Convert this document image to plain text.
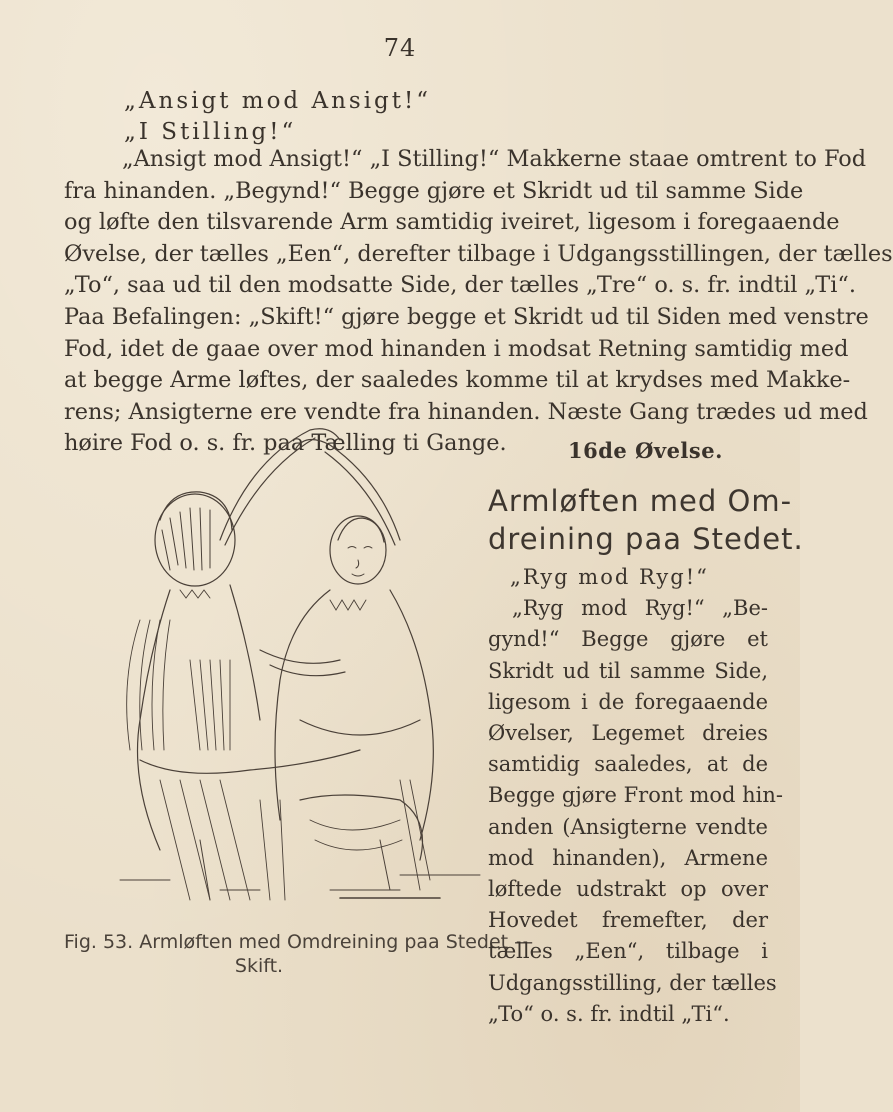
74
„Ansigt mod Ansigt!“
„I Stilling!“
„Ansigt mod Ansigt!“ „I Stilling!“ Makkerne staae omtrent to Fod
fra hinanden. „Begynd!“ Begge gjøre et Skridt ud til samme Side
og løfte den tilsvarende Arm samtidig iveiret, ligesom i foregaaende
Øvelse, der tælles „Een“, derefter tilbage i Udgangsstillingen, der tælles
„To“, saa ud til den modsatte Side, der tælles „Tre“ o. s. fr. indtil „Ti“.
Paa Befalingen: „Skift!“ gjøre begge et Skridt ud til Siden med venstre
Fod, idet de gaae over mod hinanden i modsat Retning samtidig med
at begge Arme løftes, der saaledes komme til at krydses med Makke-
rens; Ansigterne ere vendte fra hinanden. Næste Gang trædes ud med
høire Fod o. s. fr. paa Tælling ti Gange.
Fig. 53. Armløften med Omdreining paa Stedet —
Skift.
16de Øvelse.
Armløften med Om-
dreining paa Stedet.
„Ryg mod Ryg!“
„Ryg mod Ryg!“ „Be-
gynd!“ Begge gjøre et
Skridt ud til samme Side,
ligesom i de foregaaende
Øvelser, Legemet dreies
samtidig saaledes, at de
Begge gjøre Front mod hin-
anden (Ansigterne vendte
mod hinanden), Armene
løftede udstrakt op over
Hovedet fremefter, der
tælles „Een“, tilbage i
Udgangsstilling, der tælles
„To“ o. s. fr. indtil „Ti“.
